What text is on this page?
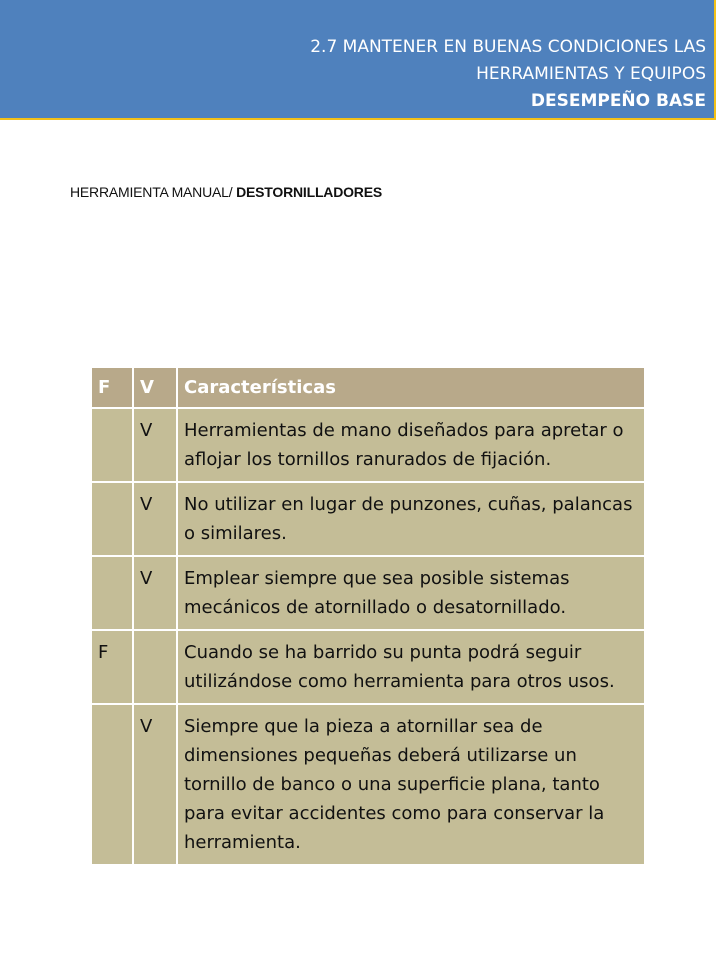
2.7 MANTENER EN BUENAS CONDICIONES LAS
HERRAMIENTAS Y EQUIPOS
DESEMPEÑO BASE
HERRAMIENTA MANUAL/ DESTORNILLADORES
F	V	Características
	V	Herramientas de mano diseñados para apretar o aflojar los tornillos ranurados de fijación.
	V	No utilizar en lugar de punzones, cuñas, palancas o similares.
	V	Emplear siempre que sea posible sistemas mecánicos de atornillado o desatornillado.
F		Cuando se ha barrido su punta podrá seguir utilizándose como herramienta para otros usos.
	V	Siempre que la pieza a atornillar sea de dimensiones pequeñas deberá utilizarse un tornillo de banco o una superficie plana, tanto para evitar accidentes como para conservar la herramienta.
